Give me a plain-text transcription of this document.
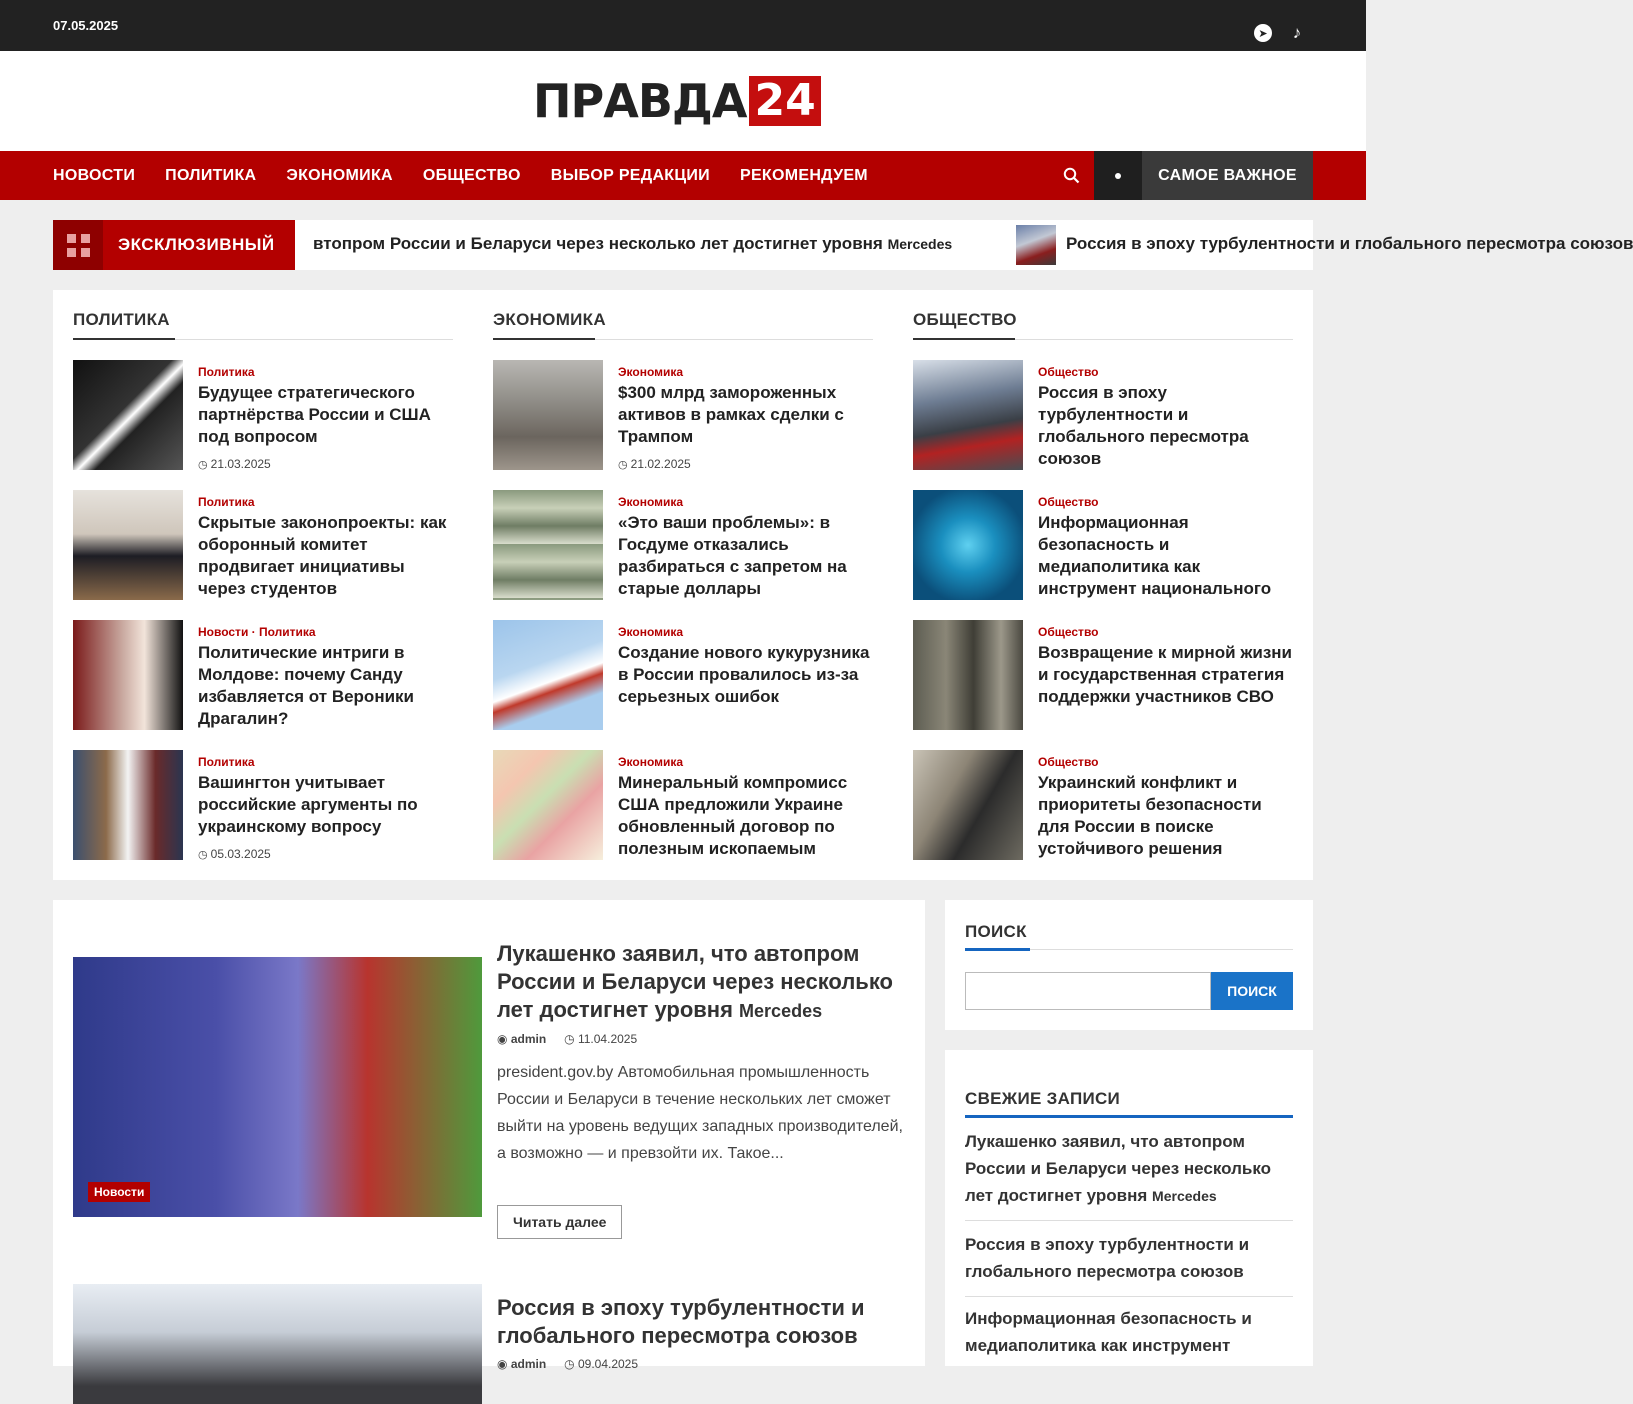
07.05.2025
➤ ♪
ПРАВДА 24
НОВОСТИ ПОЛИТИКА ЭКОНОМИКА ОБЩЕСТВО ВЫБОР РЕДАКЦИИ РЕКОМЕНДУЕМ	САМОЕ ВАЖНОЕ
ЭКСКЛЮЗИВНЫЙ втопром России и Беларуси через несколько лет достигнет уровня Mercedes	Россия в эпоху турбулентности и глобального пересмотра союзов
ПОЛИТИКА
Политика
Будущее стратегического партнёрства России и США под вопросом
◷ 21.03.2025
Политика
Скрытые законопроекты: как оборонный комитет продвигает инициативы через студентов
Новости · Политика
Политические интриги в Молдове: почему Санду избавляется от Вероники Драгалин?
Политика
Вашингтон учитывает российские аргументы по украинскому вопросу
◷ 05.03.2025
ЭКОНОМИКА
Экономика
$300 млрд замороженных активов в рамках сделки с Трампом
◷ 21.02.2025
Экономика
«Это ваши проблемы»: в Госдуме отказались разбираться с запретом на старые доллары
Экономика
Создание нового кукурузника в России провалилось из-за серьезных ошибок
Экономика
Минеральный компромисс США предложили Украине обновленный договор по полезным ископаемым
ОБЩЕСТВО
Общество
Россия в эпоху турбулентности и глобального пересмотра союзов
Общество
Информационная безопасность и медиаполитика как инструмент национального
Общество
Возвращение к мирной жизни и государственная стратегия поддержки участников СВО
Общество
Украинский конфликт и приоритеты безопасности для России в поиске устойчивого решения
Новости
Лукашенко заявил, что автопром России и Беларуси через несколько лет достигнет уровня Mercedes
◉ admin ◷ 11.04.2025
president.gov.by Автомобильная промышленность России и Беларуси в течение нескольких лет сможет выйти на уровень ведущих западных производителей, а возможно — и превзойти их. Такое...
Читать далее
Россия в эпоху турбулентности и глобального пересмотра союзов
◉ admin ◷ 09.04.2025
ПОИСК
ПОИСК
СВЕЖИЕ ЗАПИСИ
Лукашенко заявил, что автопром России и Беларуси через несколько лет достигнет уровня Mercedes
Россия в эпоху турбулентности и глобального пересмотра союзов
Информационная безопасность и медиаполитика как инструмент
